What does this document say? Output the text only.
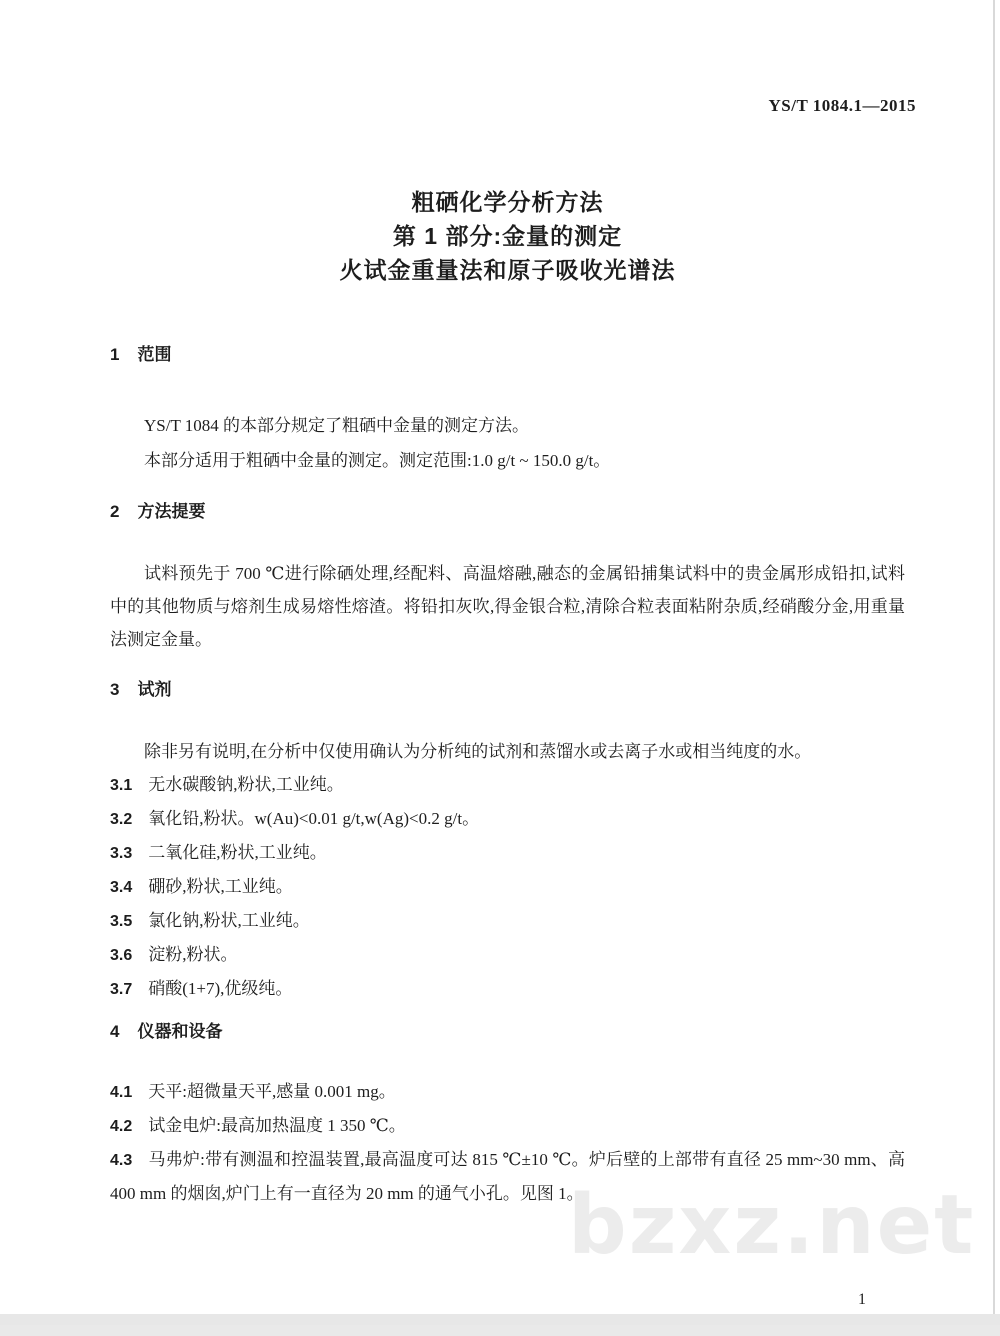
bzxz.net
YS/T 1084.1—2015
粗硒化学分析方法
第 1 部分:金量的测定
火试金重量法和原子吸收光谱法
1 范围

YS/T 1084 的本部分规定了粗硒中金量的测定方法。

本部分适用于粗硒中金量的测定。测定范围:1.0 g/t ~ 150.0 g/t。

2 方法提要

试料预先于 700 ℃进行除硒处理,经配料、高温熔融,融态的金属铅捕集试料中的贵金属形成铅扣,试料中的其他物质与熔剂生成易熔性熔渣。将铅扣灰吹,得金银合粒,清除合粒表面粘附杂质,经硝酸分金,用重量法测定金量。

3 试剂

除非另有说明,在分析中仅使用确认为分析纯的试剂和蒸馏水或去离子水或相当纯度的水。

3.1 无水碳酸钠,粉状,工业纯。

3.2 氧化铅,粉状。w(Au)<0.01 g/t,w(Ag)<0.2 g/t。

3.3 二氧化硅,粉状,工业纯。

3.4 硼砂,粉状,工业纯。

3.5 氯化钠,粉状,工业纯。

3.6 淀粉,粉状。

3.7 硝酸(1+7),优级纯。

4 仪器和设备

4.1 天平:超微量天平,感量 0.001 mg。

4.2 试金电炉:最高加热温度 1 350 ℃。

4.3 马弗炉:带有测温和控温装置,最高温度可达 815 ℃±10 ℃。炉后壁的上部带有直径 25 mm~30 mm、高 400 mm 的烟囱,炉门上有一直径为 20 mm 的通气小孔。见图 1。

1
